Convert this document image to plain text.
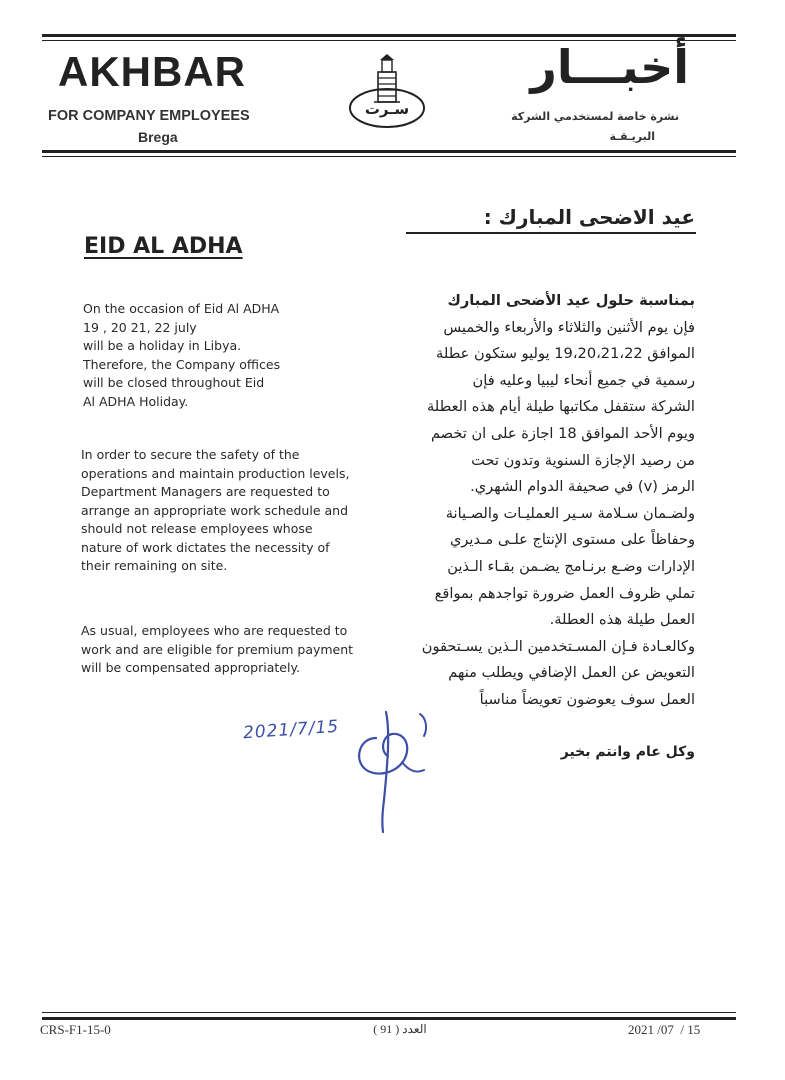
AKHBAR
FOR COMPANY EMPLOYEES
Brega
سـرت
أخبـــار
نشرة خاصة لمستخدمي الشركة
البريـقـة
عيد الاضحى المبارك :
EID AL ADHA
On the occasion of Eid Al ADHA
19 , 20 21, 22 july
will be a holiday in Libya.
Therefore, the Company offices
will be closed throughout Eid
Al ADHA Holiday.
In order to secure the safety of the
operations and maintain production levels,
Department Managers are requested to
arrange an appropriate work schedule and
should not release employees whose
nature of work dictates the necessity of
their remaining on site.
As usual, employees who are requested to
work and are eligible for premium payment
will be compensated appropriately.
بمناسبة حلول عيد الأضحى المبارك
فإن يوم الأثنين والثلاثاء والأربعاء والخميس
الموافق 19،20،21،22 يوليو ستكون عطلة
رسمية في جميع أنحاء ليبيا وعليه فإن
الشركة ستقفل مكاتبها طيلة أيام هذه العطلة
ويوم الأحد الموافق 18 اجازة على ان تخصم
من رصيد الإجازة السنوية وتدون تحت
الرمز (v) في صحيفة الدوام الشهري.
ولضـمان سـلامة سـير العمليـات والصـيانة
وحفاظاً على مستوى الإنتاج علـى مـديري
الإدارات وضـع برنـامج يضـمن بقـاء الـذين
تملي ظروف العمل ضرورة تواجدهم بمواقع
العمل طيلة هذه العطلة.
وكالعـادة فـإن المسـتخدمين الـذين يسـتحقون
التعويض عن العمل الإضافي ويطلب منهم
العمل سوف يعوضون تعويضاً مناسباً
2021/7/15
وكل عام وانتم بخير
CRS-F1-15-0	العدد ( 91 )	2021 /07  / 15
